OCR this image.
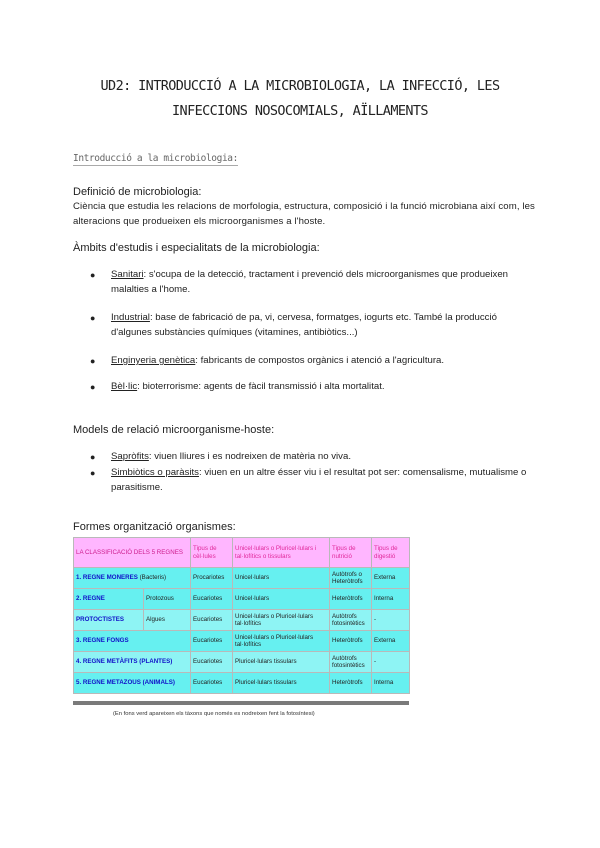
UD2: INTRODUCCIÓ A LA MICROBIOLOGIA, LA INFECCIÓ, LES INFECCIONS NOSOCOMIALS, AÏLLAMENTS
Introducció a la microbiologia:
Definició de microbiologia:
Ciència que estudia les relacions de morfologia, estructura, composició i la funció microbiana així com, les alteracions que produeixen els microorganismes a l'hoste.
Àmbits d'estudis i especialitats de la microbiologia:
● Sanitari: s'ocupa de la detecció, tractament i prevenció dels microorganismes que produeixen malalties a l'home.
● Industrial: base de fabricació de pa, vi, cervesa, formatges, iogurts etc. També la producció d'algunes substàncies químiques (vitamines, antibiòtics...)
● Enginyeria genètica: fabricants de compostos orgànics i atenció a l'agricultura.
● Bèl·lic: bioterrorisme: agents de fàcil transmissió i alta mortalitat.
Models de relació microorganisme-hoste:
● Sapròfits: viuen lliures i es nodreixen de matèria no viva.
● Simbiòtics o paràsits: viuen en un altre ésser viu i el resultat pot ser: comensalisme, mutualisme o parasitisme.
Formes organització organismes:
LA CLASSIFICACIÓ DELS 5 REGNES		Tipus de cèl·lules	Unicel·lulars o Pluricel·lulars i tal·lofítics o tissulars	Tipus de nutrició	Tipus de digestió
1. REGNE MONERES (Bacteris)		Procariotes	Unicel·lulars	Autòtrofs o Heteròtrofs	Externa
2. REGNE	Protozous	Eucariotes	Unicel·lulars	Heteròtrofs	Interna
PROTOCTISTES	Algues	Eucariotes	Unicel·lulars o Pluricel·lulars tal·lofítics	Autòtrofs fotosintètics	-
3. REGNE FONGS		Eucariotes	Unicel·lulars o Pluricel·lulars tal·lofítics	Heteròtrofs	Externa
4. REGNE METÀFITS (PLANTES)		Eucariotes	Pluricel·lulars tissulars	Autòtrofs fotosintètics	-
5. REGNE METAZOUS (ANIMALS)		Eucariotes	Pluricel·lulars tissulars	Heteròtrofs	Interna
(En fons verd apareixen els tàxons que només es nodreixen fent la fotosíntesi)
